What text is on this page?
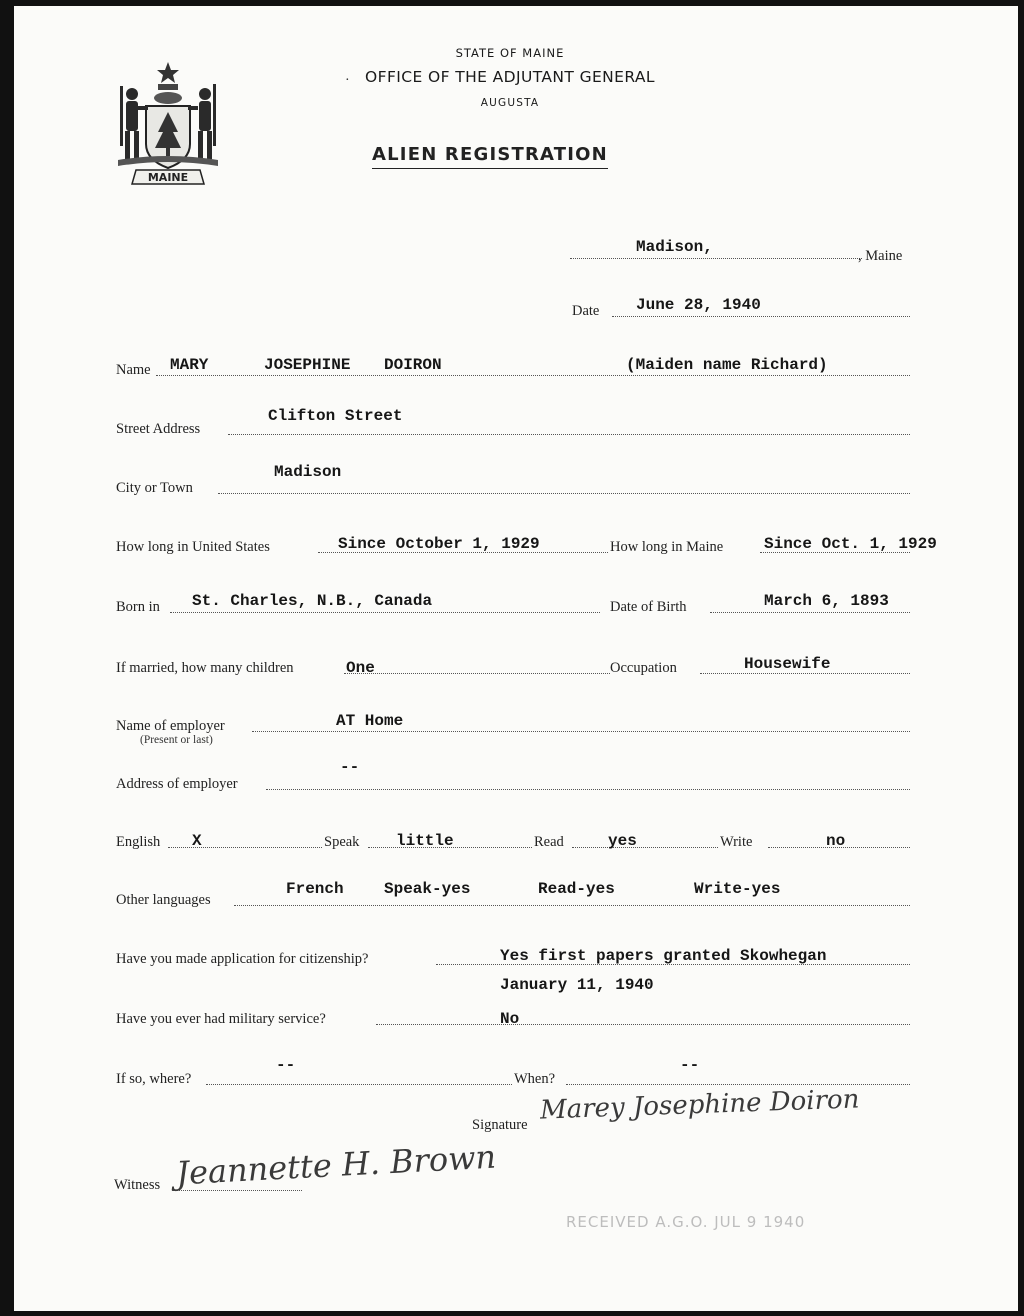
MAINE
STATE OF MAINE
· OFFICE OF THE ADJUTANT GENERAL
AUGUSTA
ALIEN REGISTRATION
Madison,	, Maine
Date June 28, 1940
Name MARY	JOSEPHINE DOIRON	(Maiden name Richard)
Street Address
Clifton Street
City or Town
Madison
How long in United States	Since October 1, 1929	How long in Maine	Since Oct. 1, 1929
Born in St. Charles, N.B., Canada	Date of Birth	March 6, 1893
If married, how many children	One	Occupation	Housewife
Name of employer
(Present or last)
AT Home
Address of employer
--
English X	Speak little	Read	yes	Write	no
Other languages
French	Speak-yes	Read-yes	Write-yes
Have you made application for citizenship?	Yes first papers granted Skowhegan
January 11, 1940
Have you ever had military service?	No
If so, where?
--
When?
--
Signature Marey Josephine Doiron
Witness Jeannette H. Brown
RECEIVED A.G.O. JUL 9 1940
